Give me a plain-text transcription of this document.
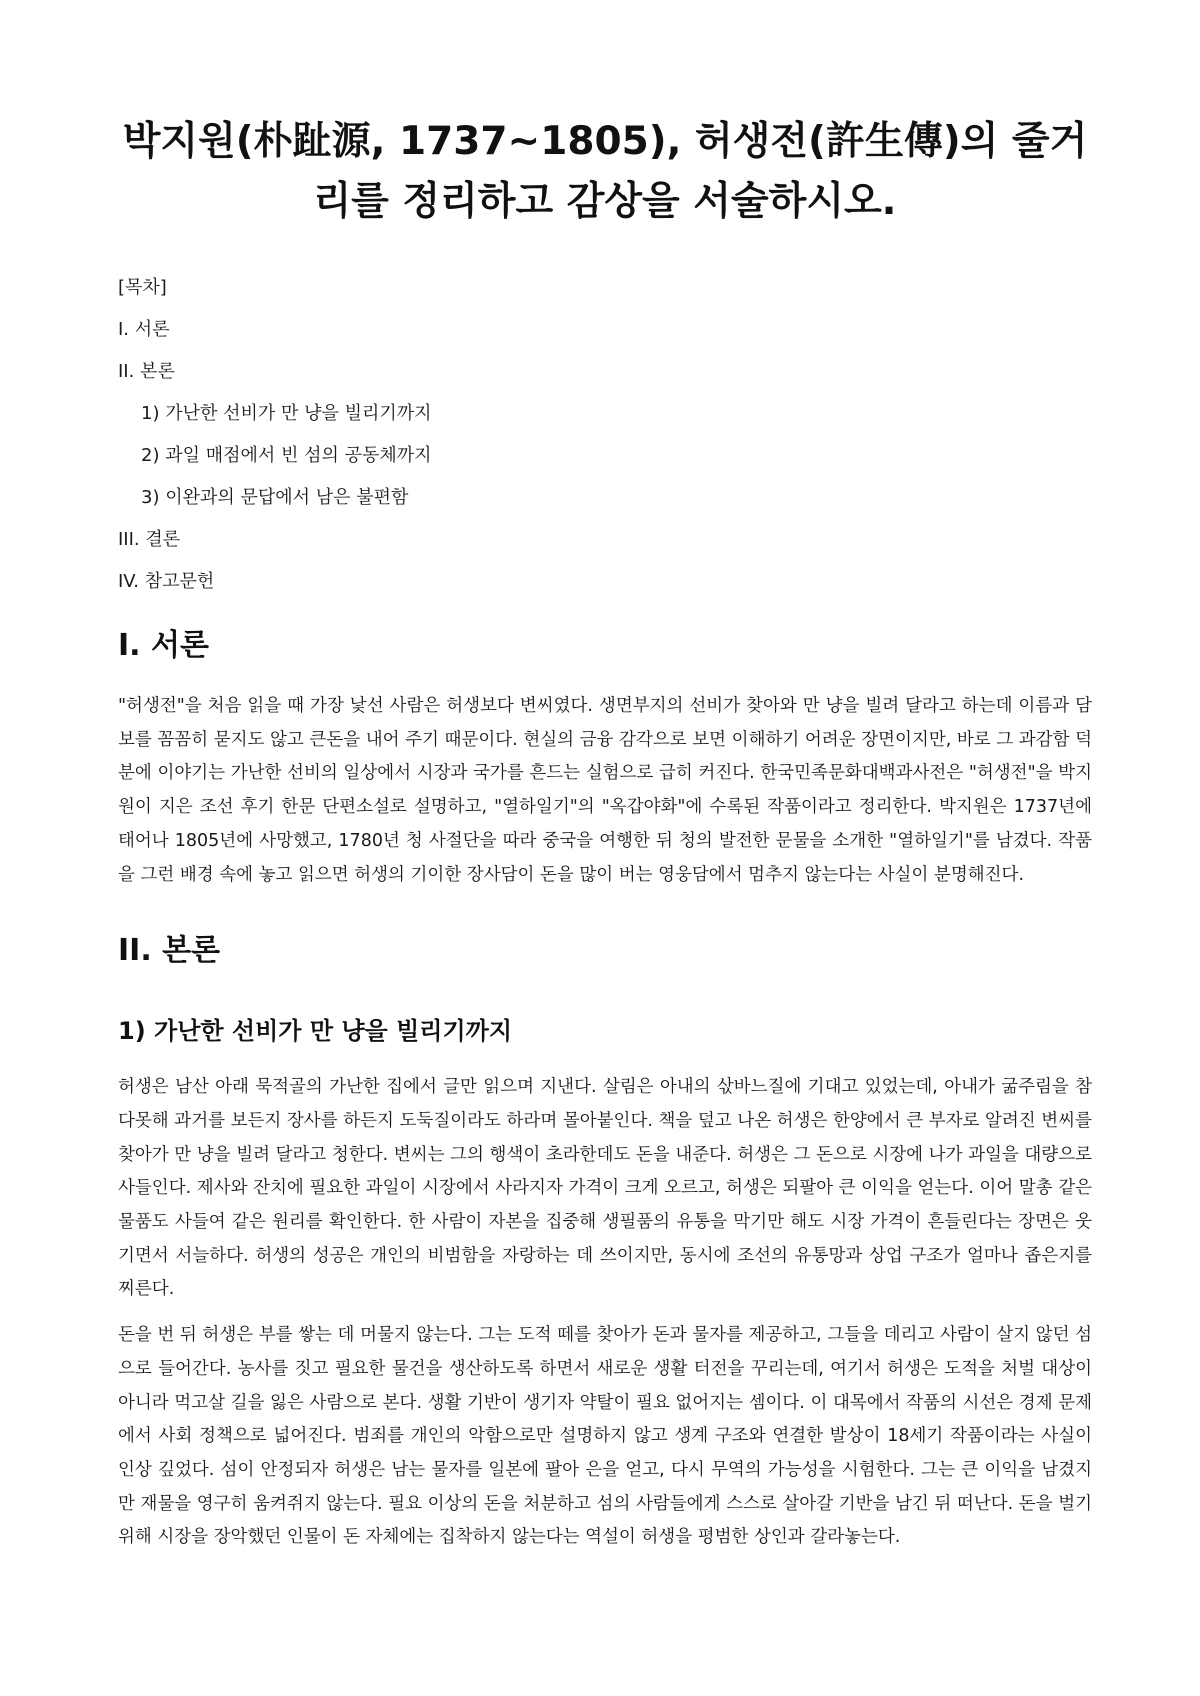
박지원(朴趾源, 1737~1805), 허생전(許生傳)의 줄거리를 정리하고 감상을 서술하시오.
[목차]
I. 서론
II. 본론
1) 가난한 선비가 만 냥을 빌리기까지
2) 과일 매점에서 빈 섬의 공동체까지
3) 이완과의 문답에서 남은 불편함
III. 결론
IV. 참고문헌
I. 서론

"허생전"을 처음 읽을 때 가장 낯선 사람은 허생보다 변씨였다. 생면부지의 선비가 찾아와 만 냥을 빌려 달라고 하는데 이름과 담보를 꼼꼼히 묻지도 않고 큰돈을 내어 주기 때문이다. 현실의 금융 감각으로 보면 이해하기 어려운 장면이지만, 바로 그 과감함 덕분에 이야기는 가난한 선비의 일상에서 시장과 국가를 흔드는 실험으로 급히 커진다. 한국민족문화대백과사전은 "허생전"을 박지원이 지은 조선 후기 한문 단편소설로 설명하고, "열하일기"의 "옥갑야화"에 수록된 작품이라고 정리한다. 박지원은 1737년에 태어나 1805년에 사망했고, 1780년 청 사절단을 따라 중국을 여행한 뒤 청의 발전한 문물을 소개한 "열하일기"를 남겼다. 작품을 그런 배경 속에 놓고 읽으면 허생의 기이한 장사담이 돈을 많이 버는 영웅담에서 멈추지 않는다는 사실이 분명해진다.

II. 본론
1) 가난한 선비가 만 냥을 빌리기까지

허생은 남산 아래 묵적골의 가난한 집에서 글만 읽으며 지낸다. 살림은 아내의 삯바느질에 기대고 있었는데, 아내가 굶주림을 참다못해 과거를 보든지 장사를 하든지 도둑질이라도 하라며 몰아붙인다. 책을 덮고 나온 허생은 한양에서 큰 부자로 알려진 변씨를 찾아가 만 냥을 빌려 달라고 청한다. 변씨는 그의 행색이 초라한데도 돈을 내준다. 허생은 그 돈으로 시장에 나가 과일을 대량으로 사들인다. 제사와 잔치에 필요한 과일이 시장에서 사라지자 가격이 크게 오르고, 허생은 되팔아 큰 이익을 얻는다. 이어 말총 같은 물품도 사들여 같은 원리를 확인한다. 한 사람이 자본을 집중해 생필품의 유통을 막기만 해도 시장 가격이 흔들린다는 장면은 웃기면서 서늘하다. 허생의 성공은 개인의 비범함을 자랑하는 데 쓰이지만, 동시에 조선의 유통망과 상업 구조가 얼마나 좁은지를 찌른다.

돈을 번 뒤 허생은 부를 쌓는 데 머물지 않는다. 그는 도적 떼를 찾아가 돈과 물자를 제공하고, 그들을 데리고 사람이 살지 않던 섬으로 들어간다. 농사를 짓고 필요한 물건을 생산하도록 하면서 새로운 생활 터전을 꾸리는데, 여기서 허생은 도적을 처벌 대상이 아니라 먹고살 길을 잃은 사람으로 본다. 생활 기반이 생기자 약탈이 필요 없어지는 셈이다. 이 대목에서 작품의 시선은 경제 문제에서 사회 정책으로 넓어진다. 범죄를 개인의 악함으로만 설명하지 않고 생계 구조와 연결한 발상이 18세기 작품이라는 사실이 인상 깊었다. 섬이 안정되자 허생은 남는 물자를 일본에 팔아 은을 얻고, 다시 무역의 가능성을 시험한다. 그는 큰 이익을 남겼지만 재물을 영구히 움켜쥐지 않는다. 필요 이상의 돈을 처분하고 섬의 사람들에게 스스로 살아갈 기반을 남긴 뒤 떠난다. 돈을 벌기 위해 시장을 장악했던 인물이 돈 자체에는 집착하지 않는다는 역설이 허생을 평범한 상인과 갈라놓는다.
